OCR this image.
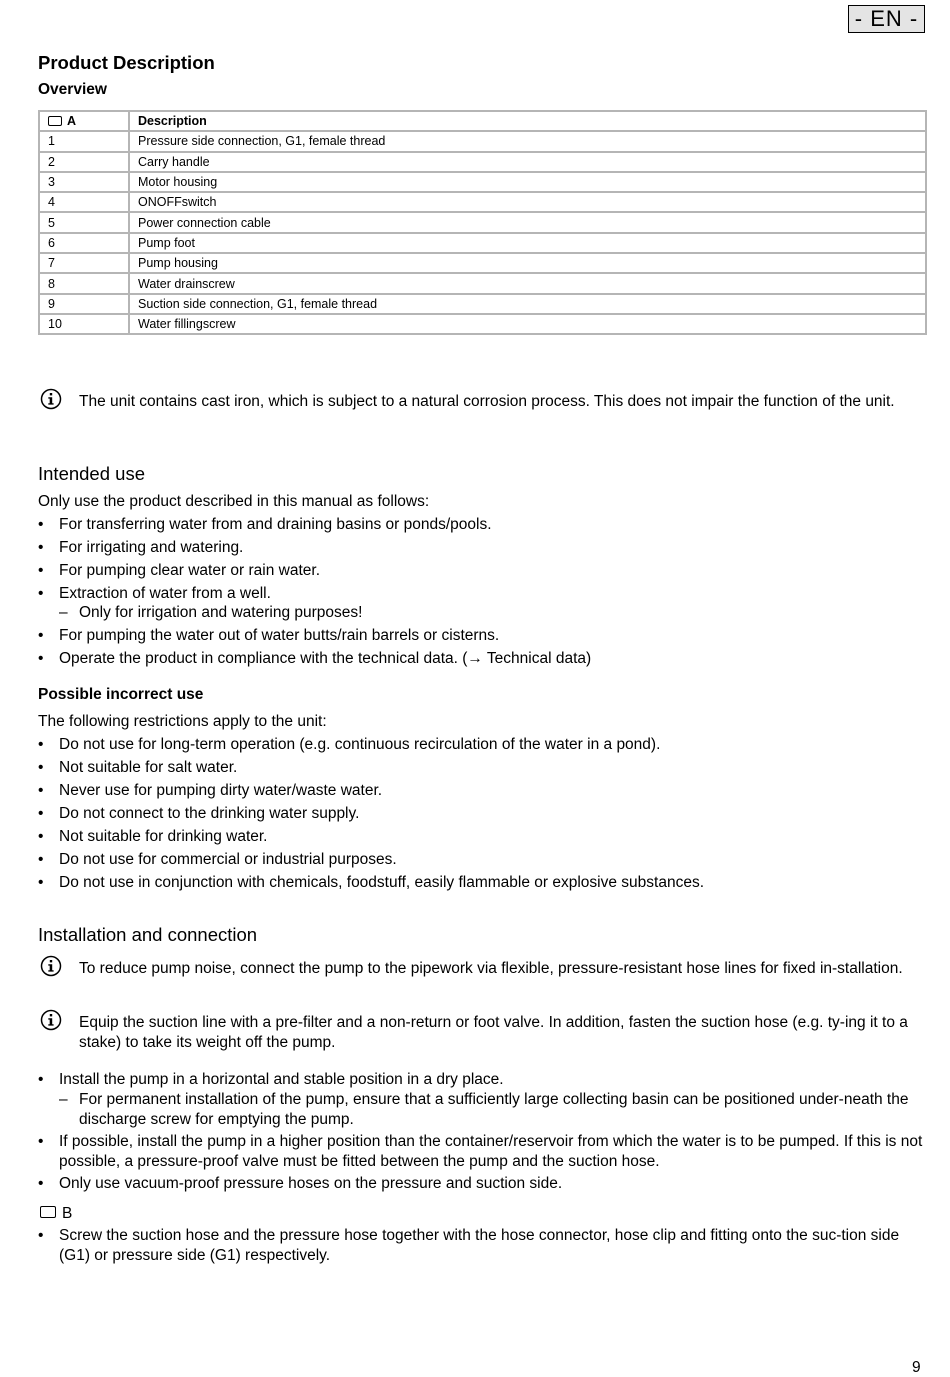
- EN -
Product Description
Overview
A	Description
1	Pressure side connection, G1, female thread
2	Carry handle
3	Motor housing
4	ONOFFswitch
5	Power connection cable
6	Pump foot
7	Pump housing
8	Water drainscrew
9	Suction side connection, G1, female thread
10	Water fillingscrew
The unit contains cast iron, which is subject to a natural corrosion process. This does not impair the function of the unit.
Intended use
Only use the product described in this manual as follows:
• For transferring water from and draining basins or ponds/pools.
• For irrigating and watering.
• For pumping clear water or rain water.
• Extraction of water from a well.
– Only for irrigation and watering purposes!
• For pumping the water out of water butts/rain barrels or cisterns.
• Operate the product in compliance with the technical data. (→ Technical data)
Possible incorrect use
The following restrictions apply to the unit:
• Do not use for long-term operation (e.g. continuous recirculation of the water in a pond).
• Not suitable for salt water.
• Never use for pumping dirty water/waste water.
• Do not connect to the drinking water supply.
• Not suitable for drinking water.
• Do not use for commercial or industrial purposes.
• Do not use in conjunction with chemicals, foodstuff, easily flammable or explosive substances.
Installation and connection
To reduce pump noise, connect the pump to the pipework via flexible, pressure-resistant hose lines for fixed in-stallation.
Equip the suction line with a pre-filter and a non-return or foot valve. In addition, fasten the suction hose (e.g. ty-ing it to a stake) to take its weight off the pump.
• Install the pump in a horizontal and stable position in a dry place.
– For permanent installation of the pump, ensure that a sufficiently large collecting basin can be positioned under-neath the discharge screw for emptying the pump.
• If possible, install the pump in a higher position than the container/reservoir from which the water is to be pumped. If this is not possible, a pressure-proof valve must be fitted between the pump and the suction hose.
• Only use vacuum-proof pressure hoses on the pressure and suction side.
B
• Screw the suction hose and the pressure hose together with the hose connector, hose clip and fitting onto the suc-tion side (G1) or pressure side (G1) respectively.
9
